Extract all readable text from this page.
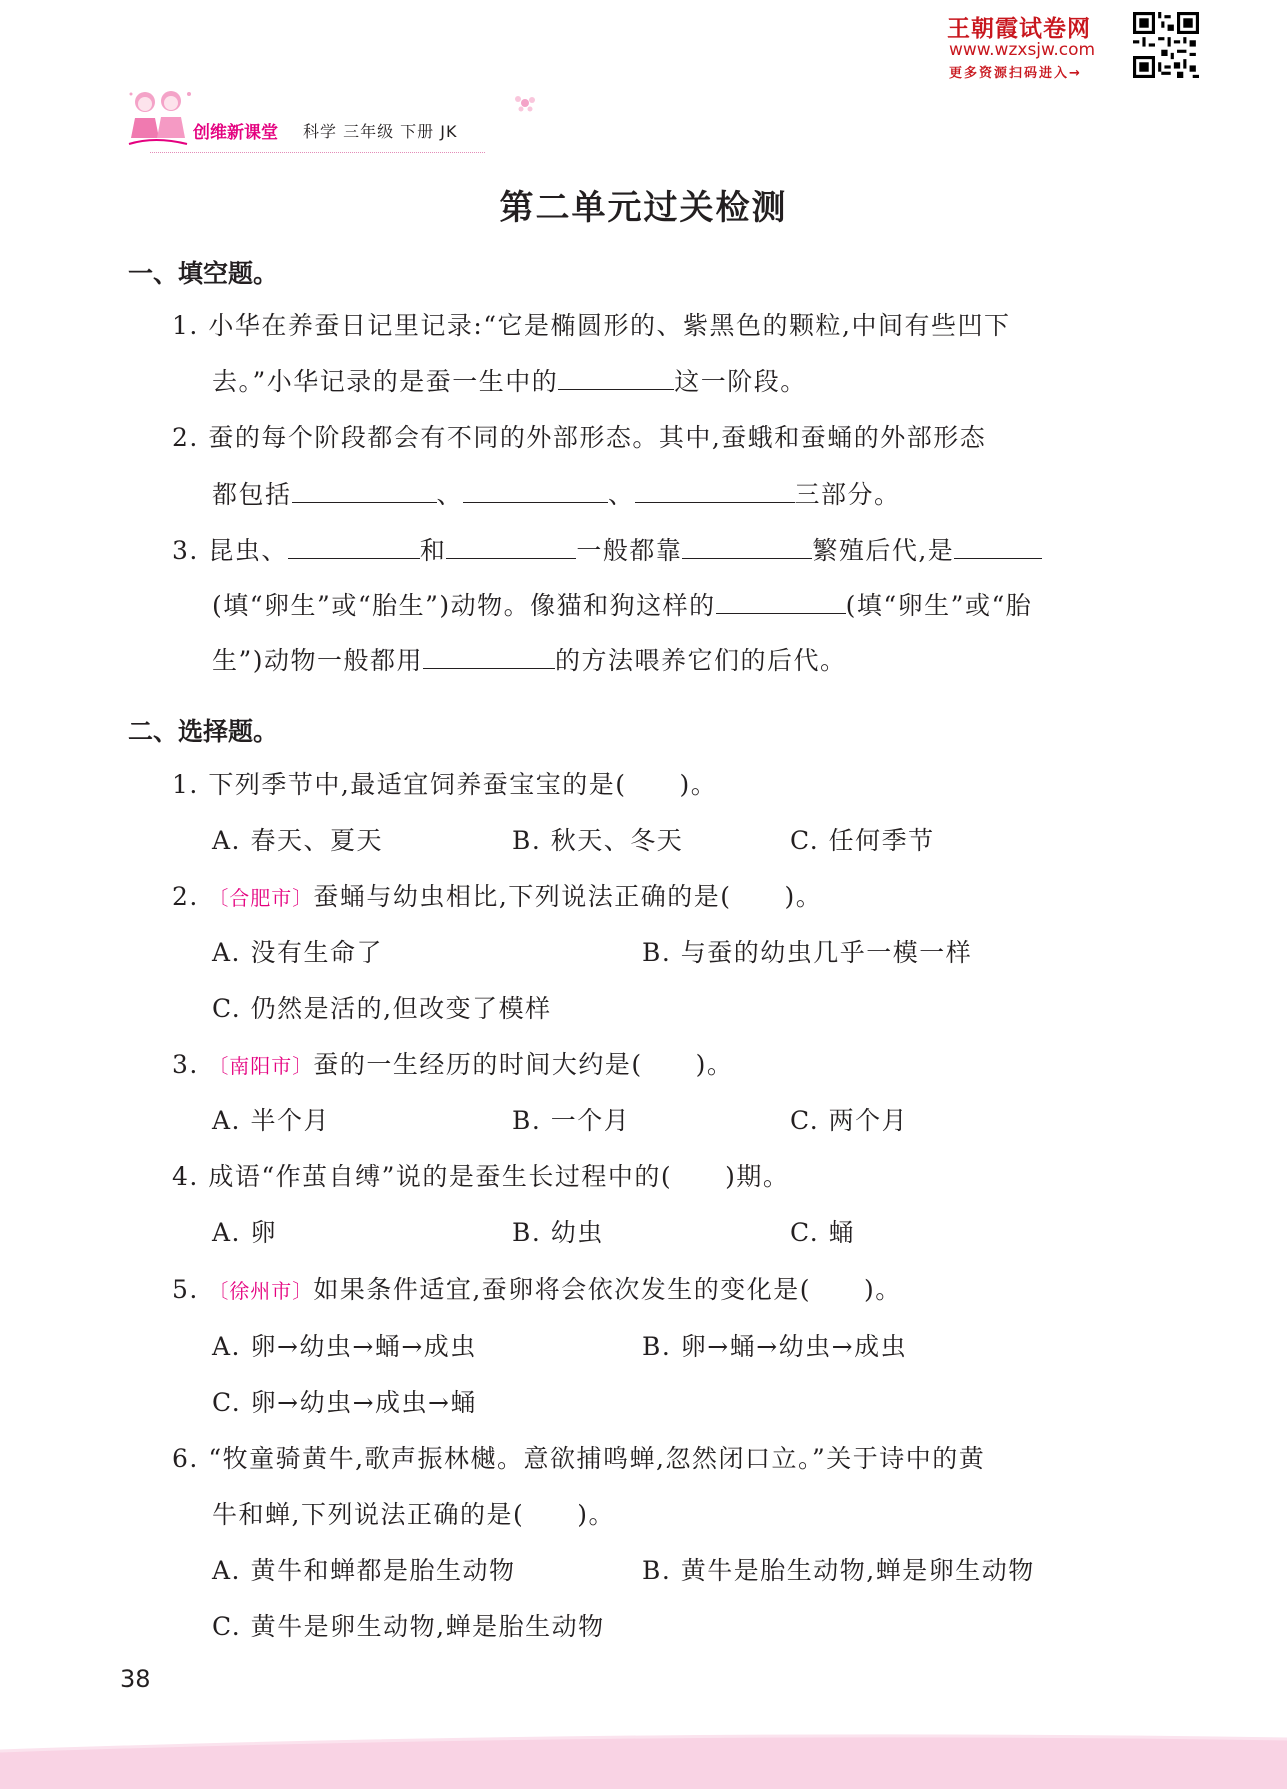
王朝霞试卷网
www.wzxsjw.com
更多资源扫码进入→
创维新课堂 科学 三年级 下册 JK
第二单元过关检测
一、填空题。
1. 小华在养蚕日记里记录:“它是椭圆形的、紫黑色的颗粒,中间有些凹下
去。”小华记录的是蚕一生中的	这一阶段。
2. 蚕的每个阶段都会有不同的外部形态。其中,蚕蛾和蚕蛹的外部形态
都包括	、	、	三部分。
3. 昆虫、	和	一般都靠	繁殖后代,是
(填“卵生”或“胎生”)动物。像猫和狗这样的	(填“卵生”或“胎
生”)动物一般都用	的方法喂养它们的后代。
二、选择题。
1. 下列季节中,最适宜饲养蚕宝宝的是(　　)。
A. 春天、夏天	B. 秋天、冬天	C. 任何季节
2. 〔合肥市〕蚕蛹与幼虫相比,下列说法正确的是(　　)。
A. 没有生命了	B. 与蚕的幼虫几乎一模一样
C. 仍然是活的,但改变了模样
3. 〔南阳市〕蚕的一生经历的时间大约是(　　)。
A. 半个月	B. 一个月	C. 两个月
4. 成语“作茧自缚”说的是蚕生长过程中的(　　)期。
A. 卵	B. 幼虫	C. 蛹
5. 〔徐州市〕如果条件适宜,蚕卵将会依次发生的变化是(　　)。
A. 卵→幼虫→蛹→成虫	B. 卵→蛹→幼虫→成虫
C. 卵→幼虫→成虫→蛹
6. “牧童骑黄牛,歌声振林樾。意欲捕鸣蝉,忽然闭口立。”关于诗中的黄
牛和蝉,下列说法正确的是(　　)。
A. 黄牛和蝉都是胎生动物	B. 黄牛是胎生动物,蝉是卵生动物
C. 黄牛是卵生动物,蝉是胎生动物
38
